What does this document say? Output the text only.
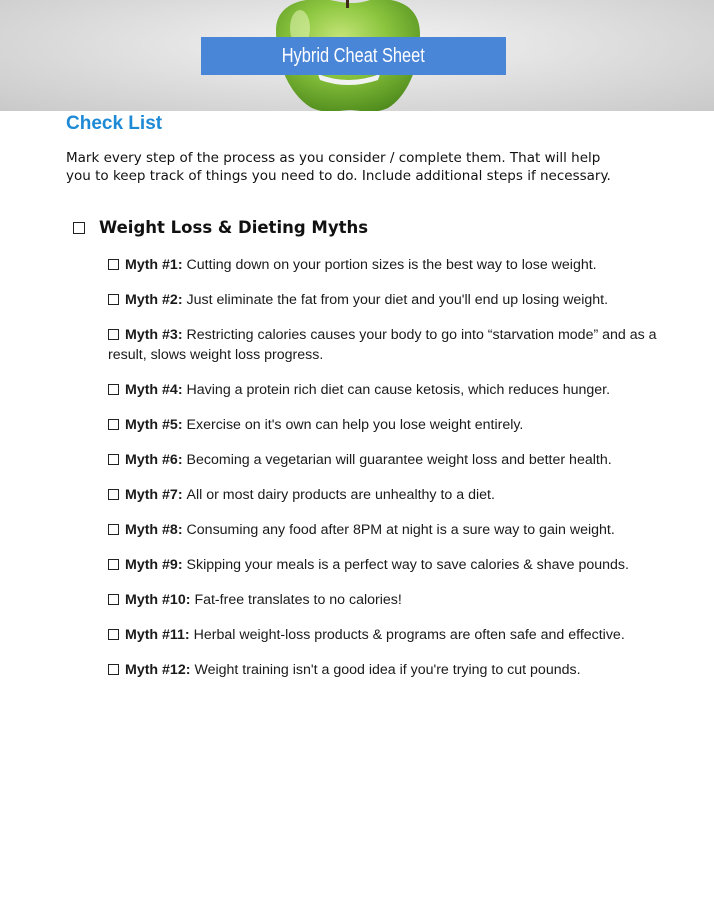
Hybrid Cheat Sheet
Check List

Mark every step of the process as you consider / complete them. That will help
you to keep track of things you need to do. Include additional steps if necessary.

Weight Loss & Dieting Myths
Myth #1: Cutting down on your portion sizes is the best way to lose weight.
Myth #2: Just eliminate the fat from your diet and you'll end up losing weight.
Myth #3: Restricting calories causes your body to go into “starvation mode” and as a result, slows weight loss progress.
Myth #4: Having a protein rich diet can cause ketosis, which reduces hunger.
Myth #5: Exercise on it's own can help you lose weight entirely.
Myth #6: Becoming a vegetarian will guarantee weight loss and better health.
Myth #7: All or most dairy products are unhealthy to a diet.
Myth #8: Consuming any food after 8PM at night is a sure way to gain weight.
Myth #9: Skipping your meals is a perfect way to save calories & shave pounds.
Myth #10: Fat-free translates to no calories!
Myth #11: Herbal weight-loss products & programs are often safe and effective.
Myth #12: Weight training isn't a good idea if you're trying to cut pounds.
